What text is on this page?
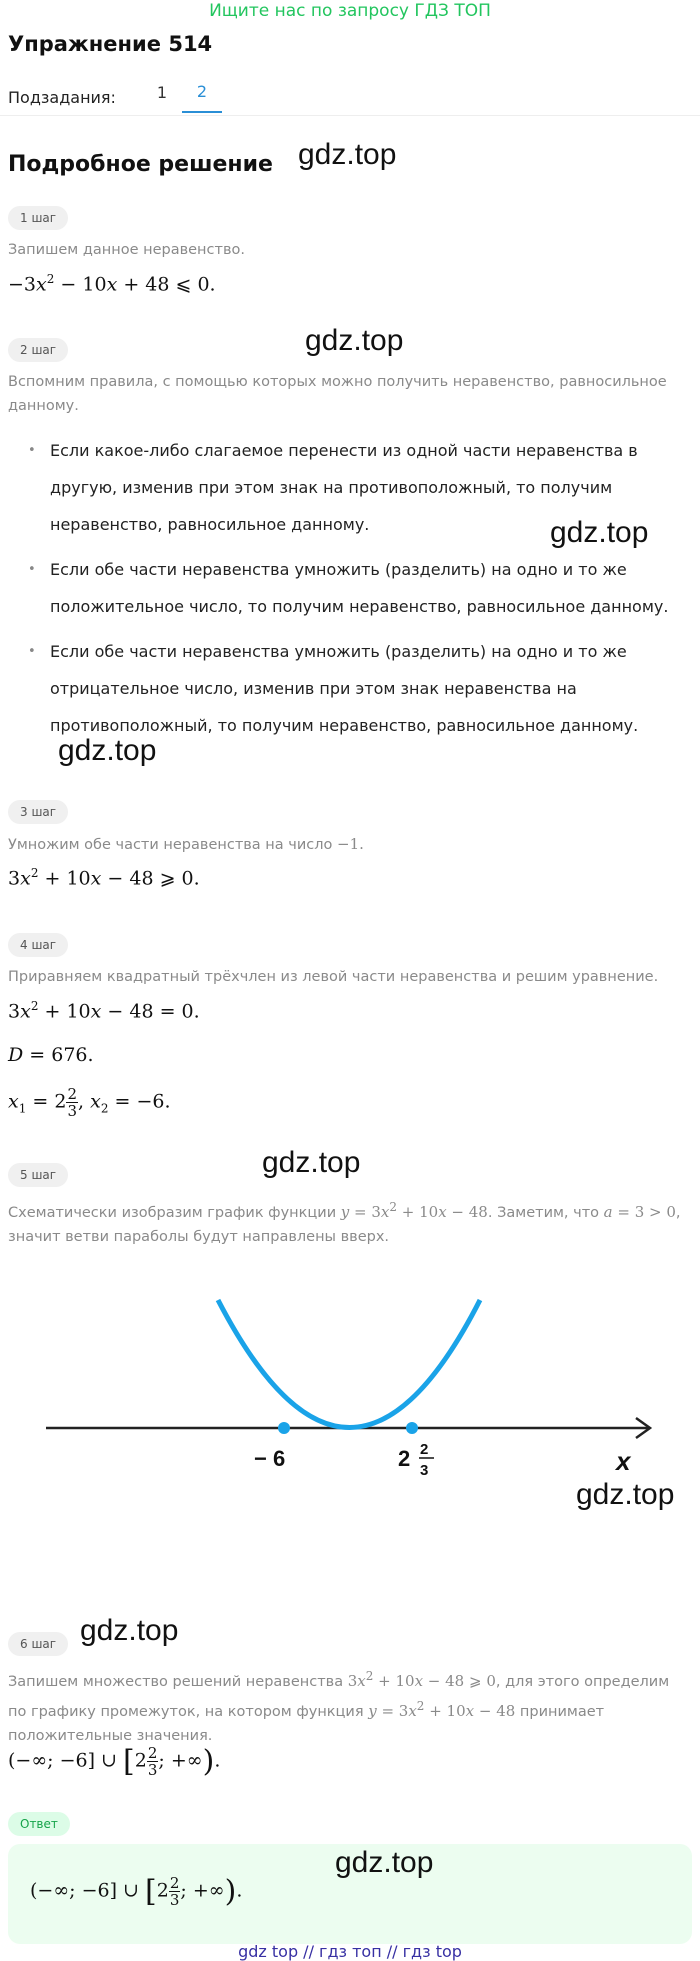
Ищите нас по запросу ГДЗ ТОП
Упражнение 514
Подзадания:	1	2
Подробное решение gdz.top
1 шаг
Запишем данное неравенство.
$-3x^2 - 10x + 48$ ⩽ 0.
2 шаг	gdz.top
Вспомним правила, с помощью которых можно получить неравенство, равносильное данному.
• Если какое-либо слагаемое перенести из одной части неравенства в другую, изменив при этом знак на противоположный, то получим неравенство, равносильное данному.
• Если обе части неравенства умножить (разделить) на одно и то же положительное число, то получим неравенство, равносильное данному.
• Если обе части неравенства умножить (разделить) на одно и то же отрицательное число, изменив при этом знак неравенства на противоположный, то получим неравенство, равносильное данному.
gdz.top
gdz.top
3 шаг
Умножим обе части неравенства на число −1.
$3x^2 + 10x - 48$ ⩾ 0.
4 шаг
Приравняем квадратный трёхчлен из левой части неравенства и решим уравнение.
$3x^2 + 10x - 48 = 0$.
D = 676.
$x_1 = 2 \frac{2}{3}$ , $x_2 = -6$.
gdz.top
5 шаг
Схематически изобразим график функции $y = 3x^2 + 10x - 48$. Заметим, что a = 3 > 0, значит ветви параболы будут направлены вверх.
− 6	2 2
3	x
gdz.top
gdz.top
6 шаг
Запишем множество решений неравенства $3x^2 + 10x - 48$ ⩾ 0, для этого определим по графику промежуток, на котором функция $y = 3x^2 + 10x - 48$ принимает положительные значения.
(−∞; −6] ∪ [$2 \frac{2}{3}$ ; +∞).
Ответ
gdz.top
(−∞; −6] ∪ [$2 \frac{2}{3}$ ; +∞).
gdz top // гдз топ // гдз top
